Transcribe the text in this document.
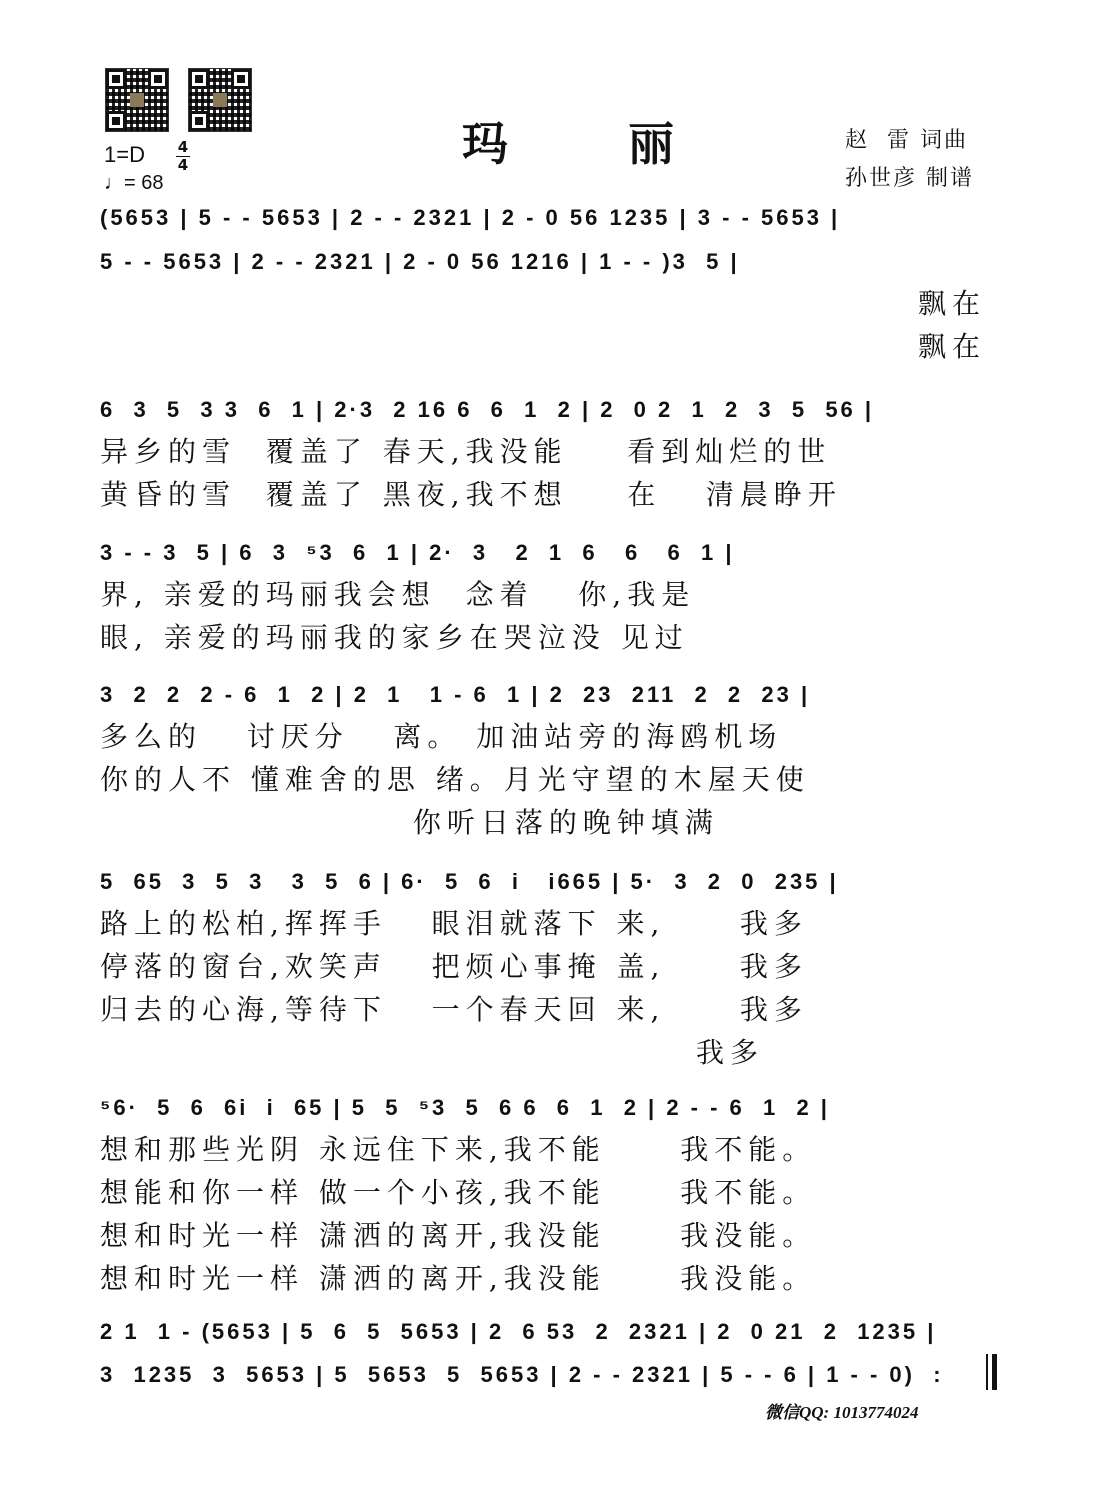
玛 丽	赵  雷 词曲
孙世彦 制谱
1=D 4
4
♩= 68
(5653 | 5 - - 5653 | 2 - - 2321 | 2 - 0 56 1235 | 3 - - 5653 |
5 - - 5653 | 2 - - 2321 | 2 - 0 56 1216 | 1 - - )3  5 |
飘在
飘在
6  3  5  3 3  6  1 | 2·3  2 16 6  6  1  2 | 2  0 2  1  2  3  5  56 |
异乡的雪  覆盖了 春天,我没能    看到灿烂的世
黄昏的雪  覆盖了 黑夜,我不想    在   清晨睁开
3 - - 3  5 | 6  3  ⁵3  6  1 | 2·  3   2  1  6   6   6  1 |
界, 亲爱的玛丽我会想  念着   你,我是
眼, 亲爱的玛丽我的家乡在哭泣没 见过
3  2  2  2 - 6  1  2 | 2  1   1 - 6  1 | 2  23  211  2  2  23 |
多么的   讨厌分   离。 加油站旁的海鸥机场
你的人不 懂难舍的思 绪。月光守望的木屋天使
你听日落的晚钟填满
5  65  3  5  3   3  5  6 | 6·  5  6  i   i665 | 5·  3  2  0  235 |
路上的松柏,挥挥手   眼泪就落下 来,     我多
停落的窗台,欢笑声   把烦心事掩 盖,     我多
归去的心海,等待下   一个春天回 来,     我多
我多
⁵6·  5  6  6i  i  65 | 5  5  ⁵3  5  6 6  6  1  2 | 2 - - 6  1  2 |
想和那些光阴 永远住下来,我不能     我不能。
想能和你一样 做一个小孩,我不能     我不能。
想和时光一样 潇洒的离开,我没能     我没能。
想和时光一样 潇洒的离开,我没能     我没能。
2 1  1 - (5653 | 5  6  5  5653 | 2  6 53  2  2321 | 2  0 21  2  1235 |
3  1235  3  5653 | 5  5653  5  5653 | 2 - - 2321 | 5 - - 6 | 1 - - 0)  :
微信QQ: 1013774024
